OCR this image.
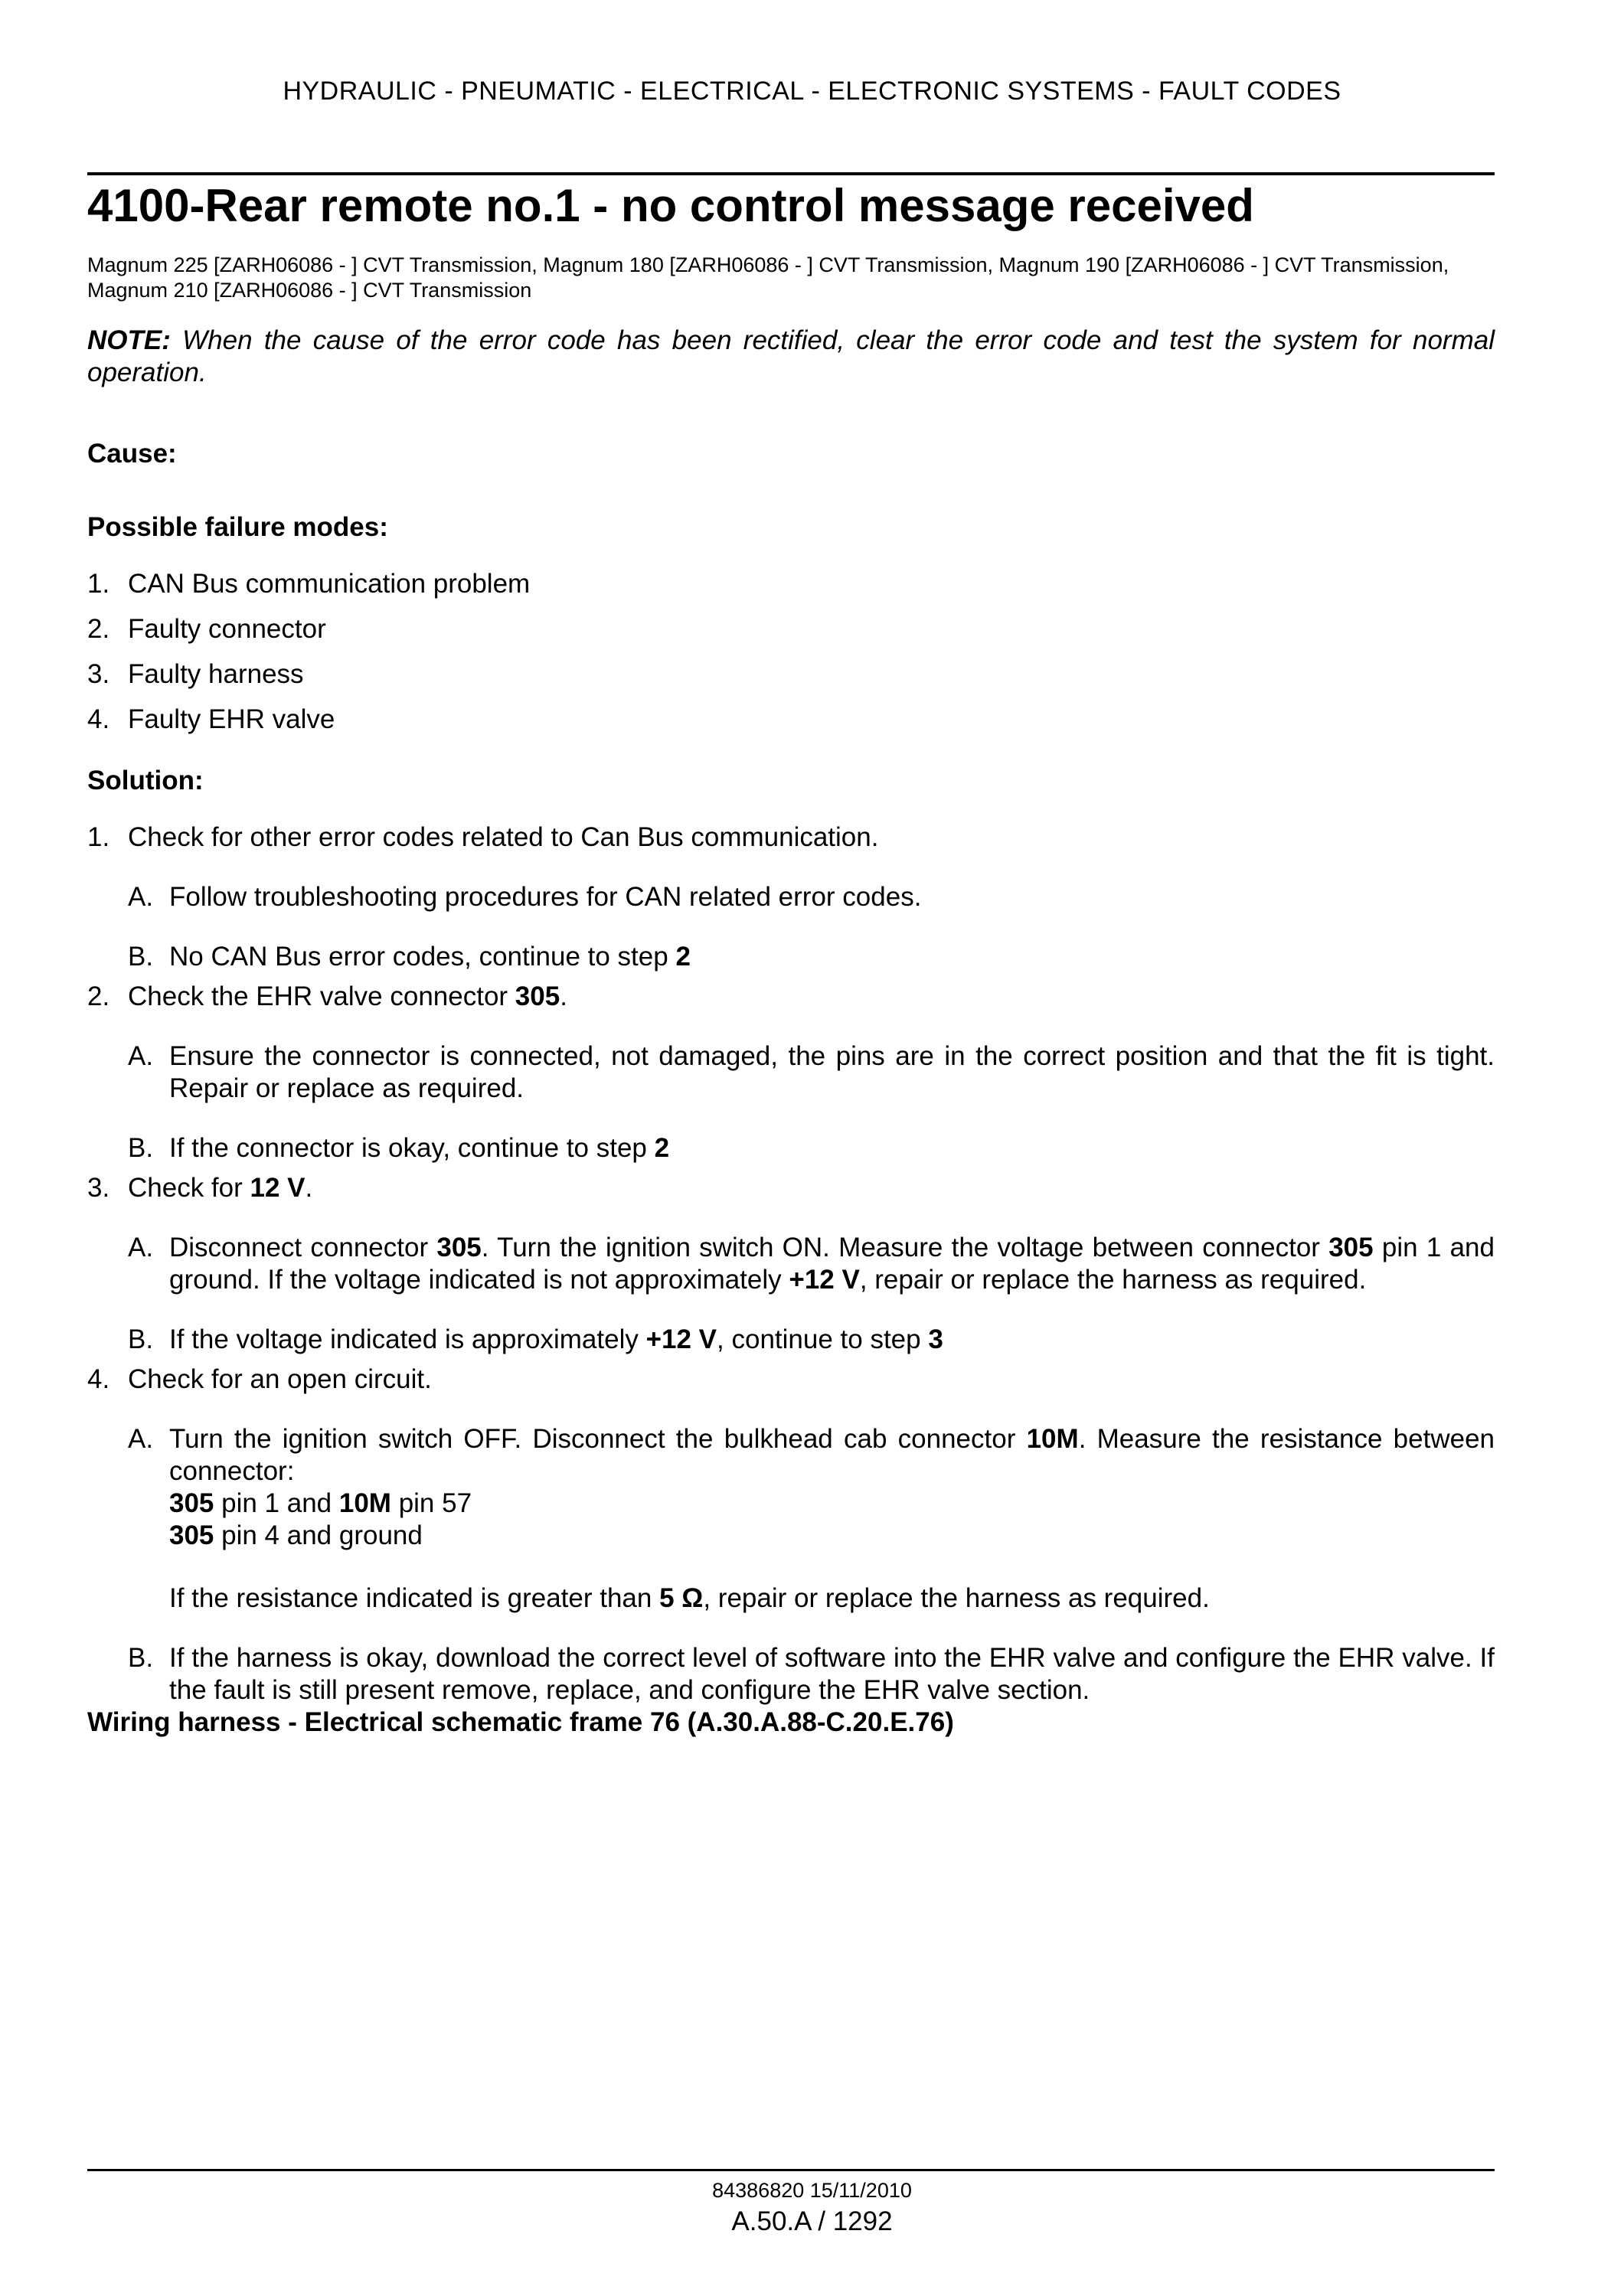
HYDRAULIC - PNEUMATIC - ELECTRICAL - ELECTRONIC SYSTEMS - FAULT CODES
4100-Rear remote no.1 - no control message received
Magnum 225 [ZARH06086 - ] CVT Transmission, Magnum 180 [ZARH06086 - ] CVT Transmission, Magnum 190 [ZARH06086 - ] CVT Transmission, Magnum 210 [ZARH06086 - ] CVT Transmission
NOTE: When the cause of the error code has been rectified, clear the error code and test the system for normal operation.
Cause:
Possible failure modes:
1. CAN Bus communication problem
2. Faulty connector
3. Faulty harness
4. Faulty EHR valve
Solution:
1. Check for other error codes related to Can Bus communication.
A. Follow troubleshooting procedures for CAN related error codes.
B. No CAN Bus error codes, continue to step 2
2. Check the EHR valve connector 305.
A. Ensure the connector is connected, not damaged, the pins are in the correct position and that the fit is tight. Repair or replace as required.
B. If the connector is okay, continue to step 2
3. Check for 12 V.
A. Disconnect connector 305. Turn the ignition switch ON. Measure the voltage between connector 305 pin 1 and ground. If the voltage indicated is not approximately +12 V, repair or replace the harness as required.
B. If the voltage indicated is approximately +12 V, continue to step 3
4. Check for an open circuit.
A. Turn the ignition switch OFF. Disconnect the bulkhead cab connector 10M. Measure the resistance between connector:
305 pin 1 and 10M pin 57
305 pin 4 and ground

If the resistance indicated is greater than 5 Ω, repair or replace the harness as required.
B. If the harness is okay, download the correct level of software into the EHR valve and configure the EHR valve. If the fault is still present remove, replace, and configure the EHR valve section.
Wiring harness - Electrical schematic frame 76 (A.30.A.88-C.20.E.76)
84386820 15/11/2010
A.50.A / 1292
